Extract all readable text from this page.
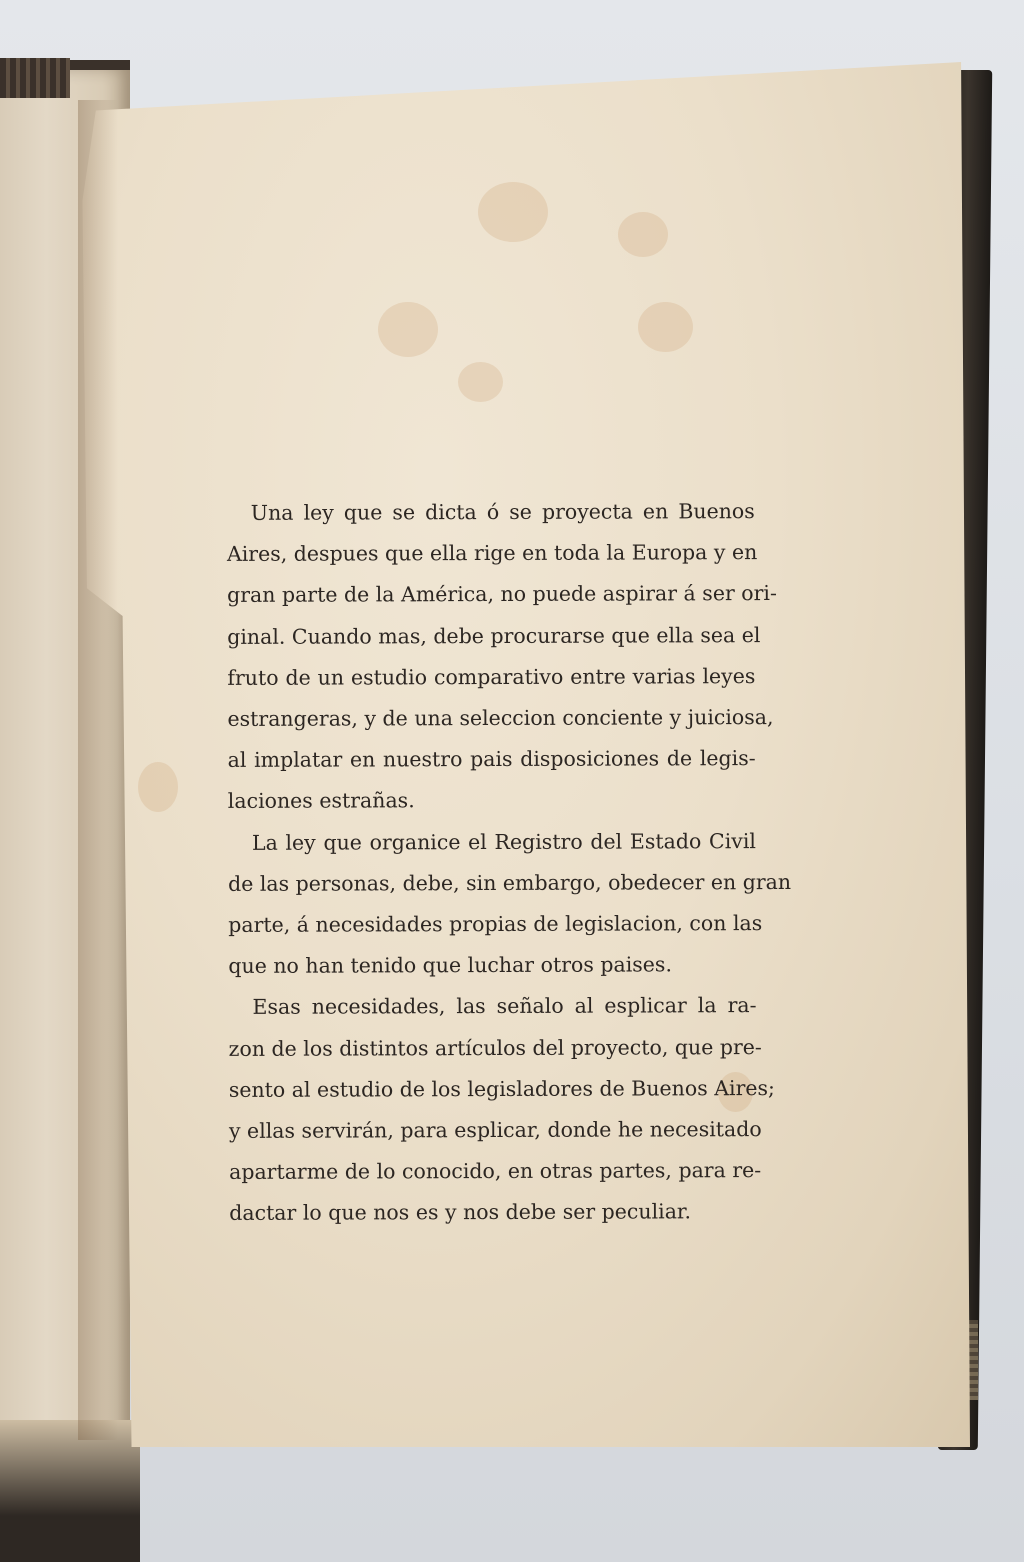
Una ley que se dicta ó se proyecta en Buenos
Aires, despues que ella rige en toda la Europa y en
gran parte de la América, no puede aspirar á ser ori-
ginal. Cuando mas, debe procurarse que ella sea el
fruto de un estudio comparativo entre varias leyes
estrangeras, y de una seleccion conciente y juiciosa,
al implatar en nuestro pais disposiciones de legis-
laciones estrañas.

La ley que organice el Registro del Estado Civil
de las personas, debe, sin embargo, obedecer en gran
parte, á necesidades propias de legislacion, con las
que no han tenido que luchar otros paises.

Esas necesidades, las señalo al esplicar la ra-
zon de los distintos artículos del proyecto, que pre-
sento al estudio de los legisladores de Buenos Aires;
y ellas servirán, para esplicar, donde he necesitado
apartarme de lo conocido, en otras partes, para re-
dactar lo que nos es y nos debe ser peculiar.
